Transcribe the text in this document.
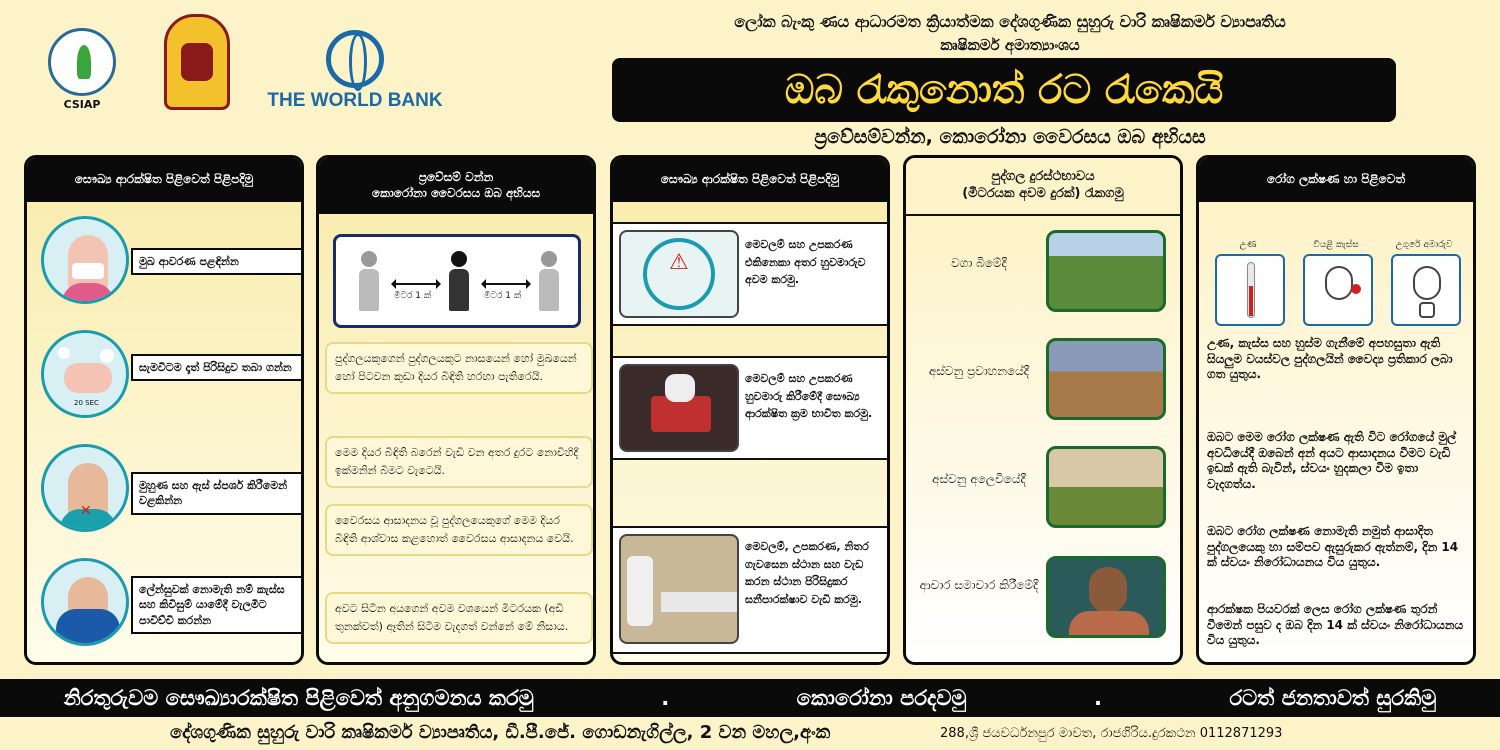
CSIAP	THE WORLD BANK
ලෝක බැංකු ණය ආධාරමත ක්‍රියාත්මක දේශගුණික සුහුරු වාරි කෘෂිකර්ම ව්‍යාපෘතිය
කෘෂිකර්ම අමාත්‍යාංශය
ඔබ රැකුනොත් රට රැකෙයි
ප්‍රවේසම්වන්න, කොරෝනා වෛරසය ඔබ අභියස
සෞඛ්‍ය ආරක්ෂිත පිළිවෙත් පිළිපදිමු
මුඛ ආවරණ පළඳින්න
20 SEC
සැමවිටම දෑත් පිරිසිදුව තබා ගන්න
✕
මුහුණ සහ ඇස් ස්පර්ශ කිරීමෙන් වළකින්න
ලේන්සුවක් නොමැති නම් කැස්ස සහ කිවිසුම් යාමේදී වැලමිට පාවිච්චි කරන්න
ප්‍රවේසම් වන්න
කොරෝනා වෛරසය ඔබ අභියස
මීටර 1 ක්	මීටර 1 ක්
පුද්ගලයකුගෙන් පුද්ගලයකුට නාසයෙන් හෝ මුඛයෙන් හෝ පිටවන කුඩා දියර බිඳිති හරහා පැතිරෙයි.
මෙම දියර බිඳිති බරෙන් වැඩි වන අතර දුරට නොවිහිදී ඉක්මනින් බිමට වැටෙයි.
වෛරසය ආසාදනය වූ පුද්ගලයෙකුගේ මෙම දියර බිඳිති ආශ්වාස කළහොත් වෛරසය ආසාදනය වෙයි.
අවට සිටින අයගෙන් අවම වශයෙන් මීටරයක (අඩි තුනක්වත්) ඈතින් සිටීම වැදගත් වන්නේ මේ නිසාය.
සෞඛ්‍ය ආරක්ෂිත පිළිවෙත් පිළිපදිමු
⚠
මෙවලම් සහ උපකරණ එකිනෙකා අතර හුවමාරුව අවම කරමු.
මෙවලම් සහ උපකරණ හුවමාරු කිරීමේදී සෞඛ්‍ය ආරක්ෂිත ක්‍රම භාවිත කරමු.
මෙවලම්, උපකරණ, නිතර ගැවසෙන ස්ථාන සහ වැඩ කරන ස්ථාන පිරිසිදුකර සනීපාරක්ෂාව වැඩි කරමු.
පුද්ගල දුරස්ථභාවය
(මීටරයක අවම දුරක්) රැකගමු
වගා බිමේදී
අස්වනු ප්‍රවාහනයේදී
අස්වනු අලෙවියේදී
ආචාර සමාචාර කිරීමේදී
රෝග ලක්ෂණ හා පිළිවෙත්
උණ	වියළි කැස්ස	උගුරේ අමාරුව
උණ, කැස්ස සහ හුස්ම ගැනීමේ අපහසුතා ඇති සියලුම වයස්වල පුද්ගලයින් වෛද්‍ය ප්‍රතිකාර ලබා ගත යුතුය.
ඔබට මෙම රෝග ලක්ෂණ ඇති විට රෝගයේ මුල් අවධියේදී ඔබෙන් අන් අයට ආසාදනය වීමට වැඩි ඉඩක් ඇති බැවින්, ස්වයං හුදකලා වීම ඉතා වැදගත්ය.
ඔබට රෝග ලක්ෂණ නොමැති නමුත් ආසාදිත පුද්ගලයෙකු හා සම්පව ඇසුරුකර ඇත්නම්, දින 14 ක් ස්වයං නිරෝධායනය විය යුතුය.
ආරක්ෂක පියවරක් ලෙස රෝග ලක්ෂණ තුරන් වීමෙන් පසුව ද ඔබ දින 14 ක් ස්වයං නිරෝධායනය විය යුතුය.
නිරතුරුවම සෞඛ්‍යාරක්ෂිත පිළිවෙත් අනුගමනය කරමු	.	කොරෝනා පරදවමු	.	රටත් ජනතාවත් සුරකිමු
දේශගුණික සුහුරු වාරි කෘෂිකර්ම ව්‍යාපෘතිය, ඩී.පී.ජේ. ගොඩනැගිල්ල, 2 වන මහල,අංක	288,ශ්‍රී ජයවර්ධනපුර මාවත, රාජගිරිය.දුරකථන 0112871293
